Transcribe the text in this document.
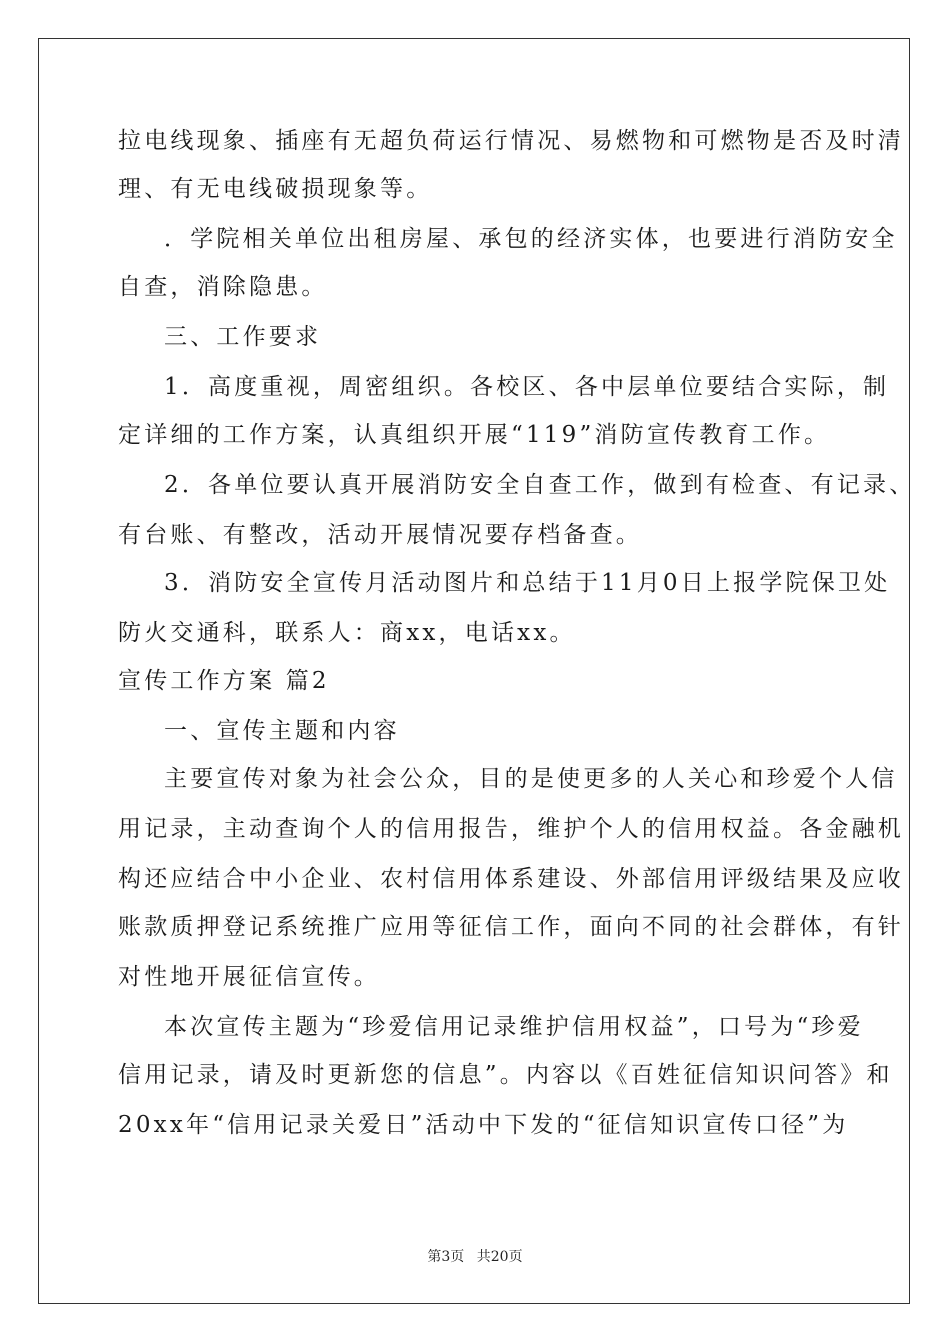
拉电线现象、插座有无超负荷运行情况、易燃物和可燃物是否及时清
理、有无电线破损现象等。
．学院相关单位出租房屋、承包的经济实体，也要进行消防安全
自查，消除隐患。
三、工作要求
1．高度重视，周密组织。各校区、各中层单位要结合实际，制
定详细的工作方案，认真组织开展“119”消防宣传教育工作。
2．各单位要认真开展消防安全自查工作，做到有检查、有记录、
有台账、有整改，活动开展情况要存档备查。
3．消防安全宣传月活动图片和总结于11月0日上报学院保卫处
防火交通科，联系人：商xx，电话xx。
宣传工作方案 篇2
一、宣传主题和内容
主要宣传对象为社会公众，目的是使更多的人关心和珍爱个人信
用记录，主动查询个人的信用报告，维护个人的信用权益。各金融机
构还应结合中小企业、农村信用体系建设、外部信用评级结果及应收
账款质押登记系统推广应用等征信工作，面向不同的社会群体，有针
对性地开展征信宣传。
本次宣传主题为“珍爱信用记录维护信用权益”，口号为“珍爱
信用记录，请及时更新您的信息”。内容以《百姓征信知识问答》和
20xx年“信用记录关爱日”活动中下发的“征信知识宣传口径”为
第3页 共20页
